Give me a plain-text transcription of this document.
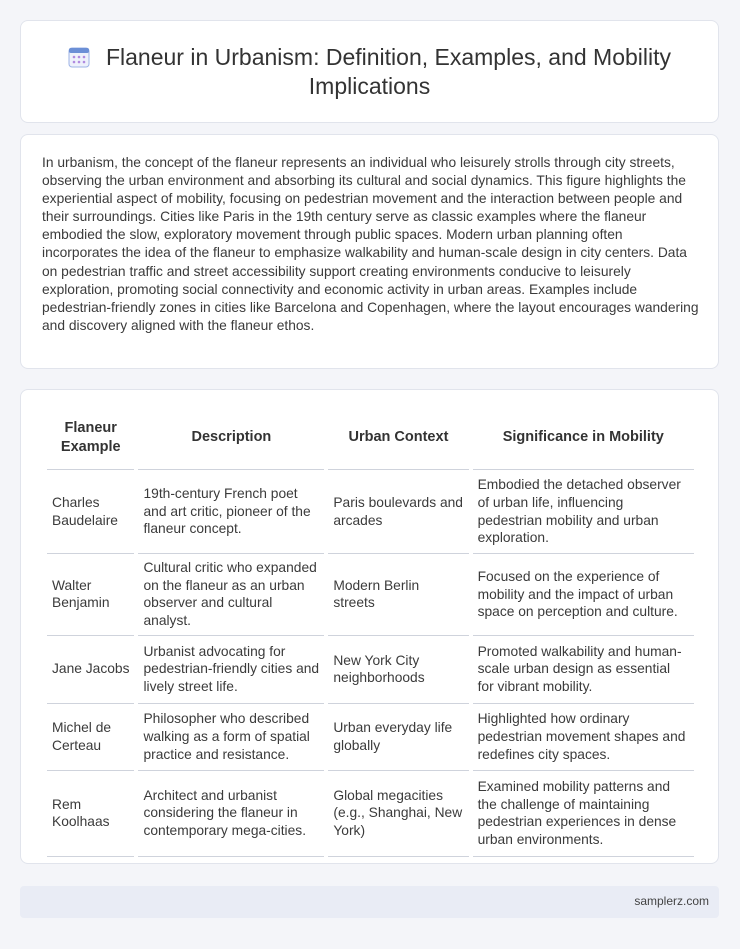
Flaneur in Urbanism: Definition, Examples, and Mobility Implications

In urbanism, the concept of the flaneur represents an individual who leisurely strolls through city streets, observing the urban environment and absorbing its cultural and social dynamics. This figure highlights the experiential aspect of mobility, focusing on pedestrian movement and the interaction between people and their surroundings. Cities like Paris in the 19th century serve as classic examples where the flaneur embodied the slow, exploratory movement through public spaces. Modern urban planning often incorporates the idea of the flaneur to emphasize walkability and human-scale design in city centers. Data on pedestrian traffic and street accessibility support creating environments conducive to leisurely exploration, promoting social connectivity and economic activity in urban areas. Examples include pedestrian-friendly zones in cities like Barcelona and Copenhagen, where the layout encourages wandering and discovery aligned with the flaneur ethos.

Flaneur Example	Description	Urban Context	Significance in Mobility
Charles Baudelaire	19th-century French poet and art critic, pioneer of the flaneur concept.	Paris boulevards and arcades	Embodied the detached observer of urban life, influencing pedestrian mobility and urban exploration.
Walter Benjamin	Cultural critic who expanded on the flaneur as an urban observer and cultural analyst.	Modern Berlin streets	Focused on the experience of mobility and the impact of urban space on perception and culture.
Jane Jacobs	Urbanist advocating for pedestrian-friendly cities and lively street life.	New York City neighborhoods	Promoted walkability and human-scale urban design as essential for vibrant mobility.
Michel de Certeau	Philosopher who described walking as a form of spatial practice and resistance.	Urban everyday life globally	Highlighted how ordinary pedestrian movement shapes and redefines city spaces.
Rem Koolhaas	Architect and urbanist considering the flaneur in contemporary mega-cities.	Global megacities (e.g., Shanghai, New York)	Examined mobility patterns and the challenge of maintaining pedestrian experiences in dense urban environments.
samplerz.com
